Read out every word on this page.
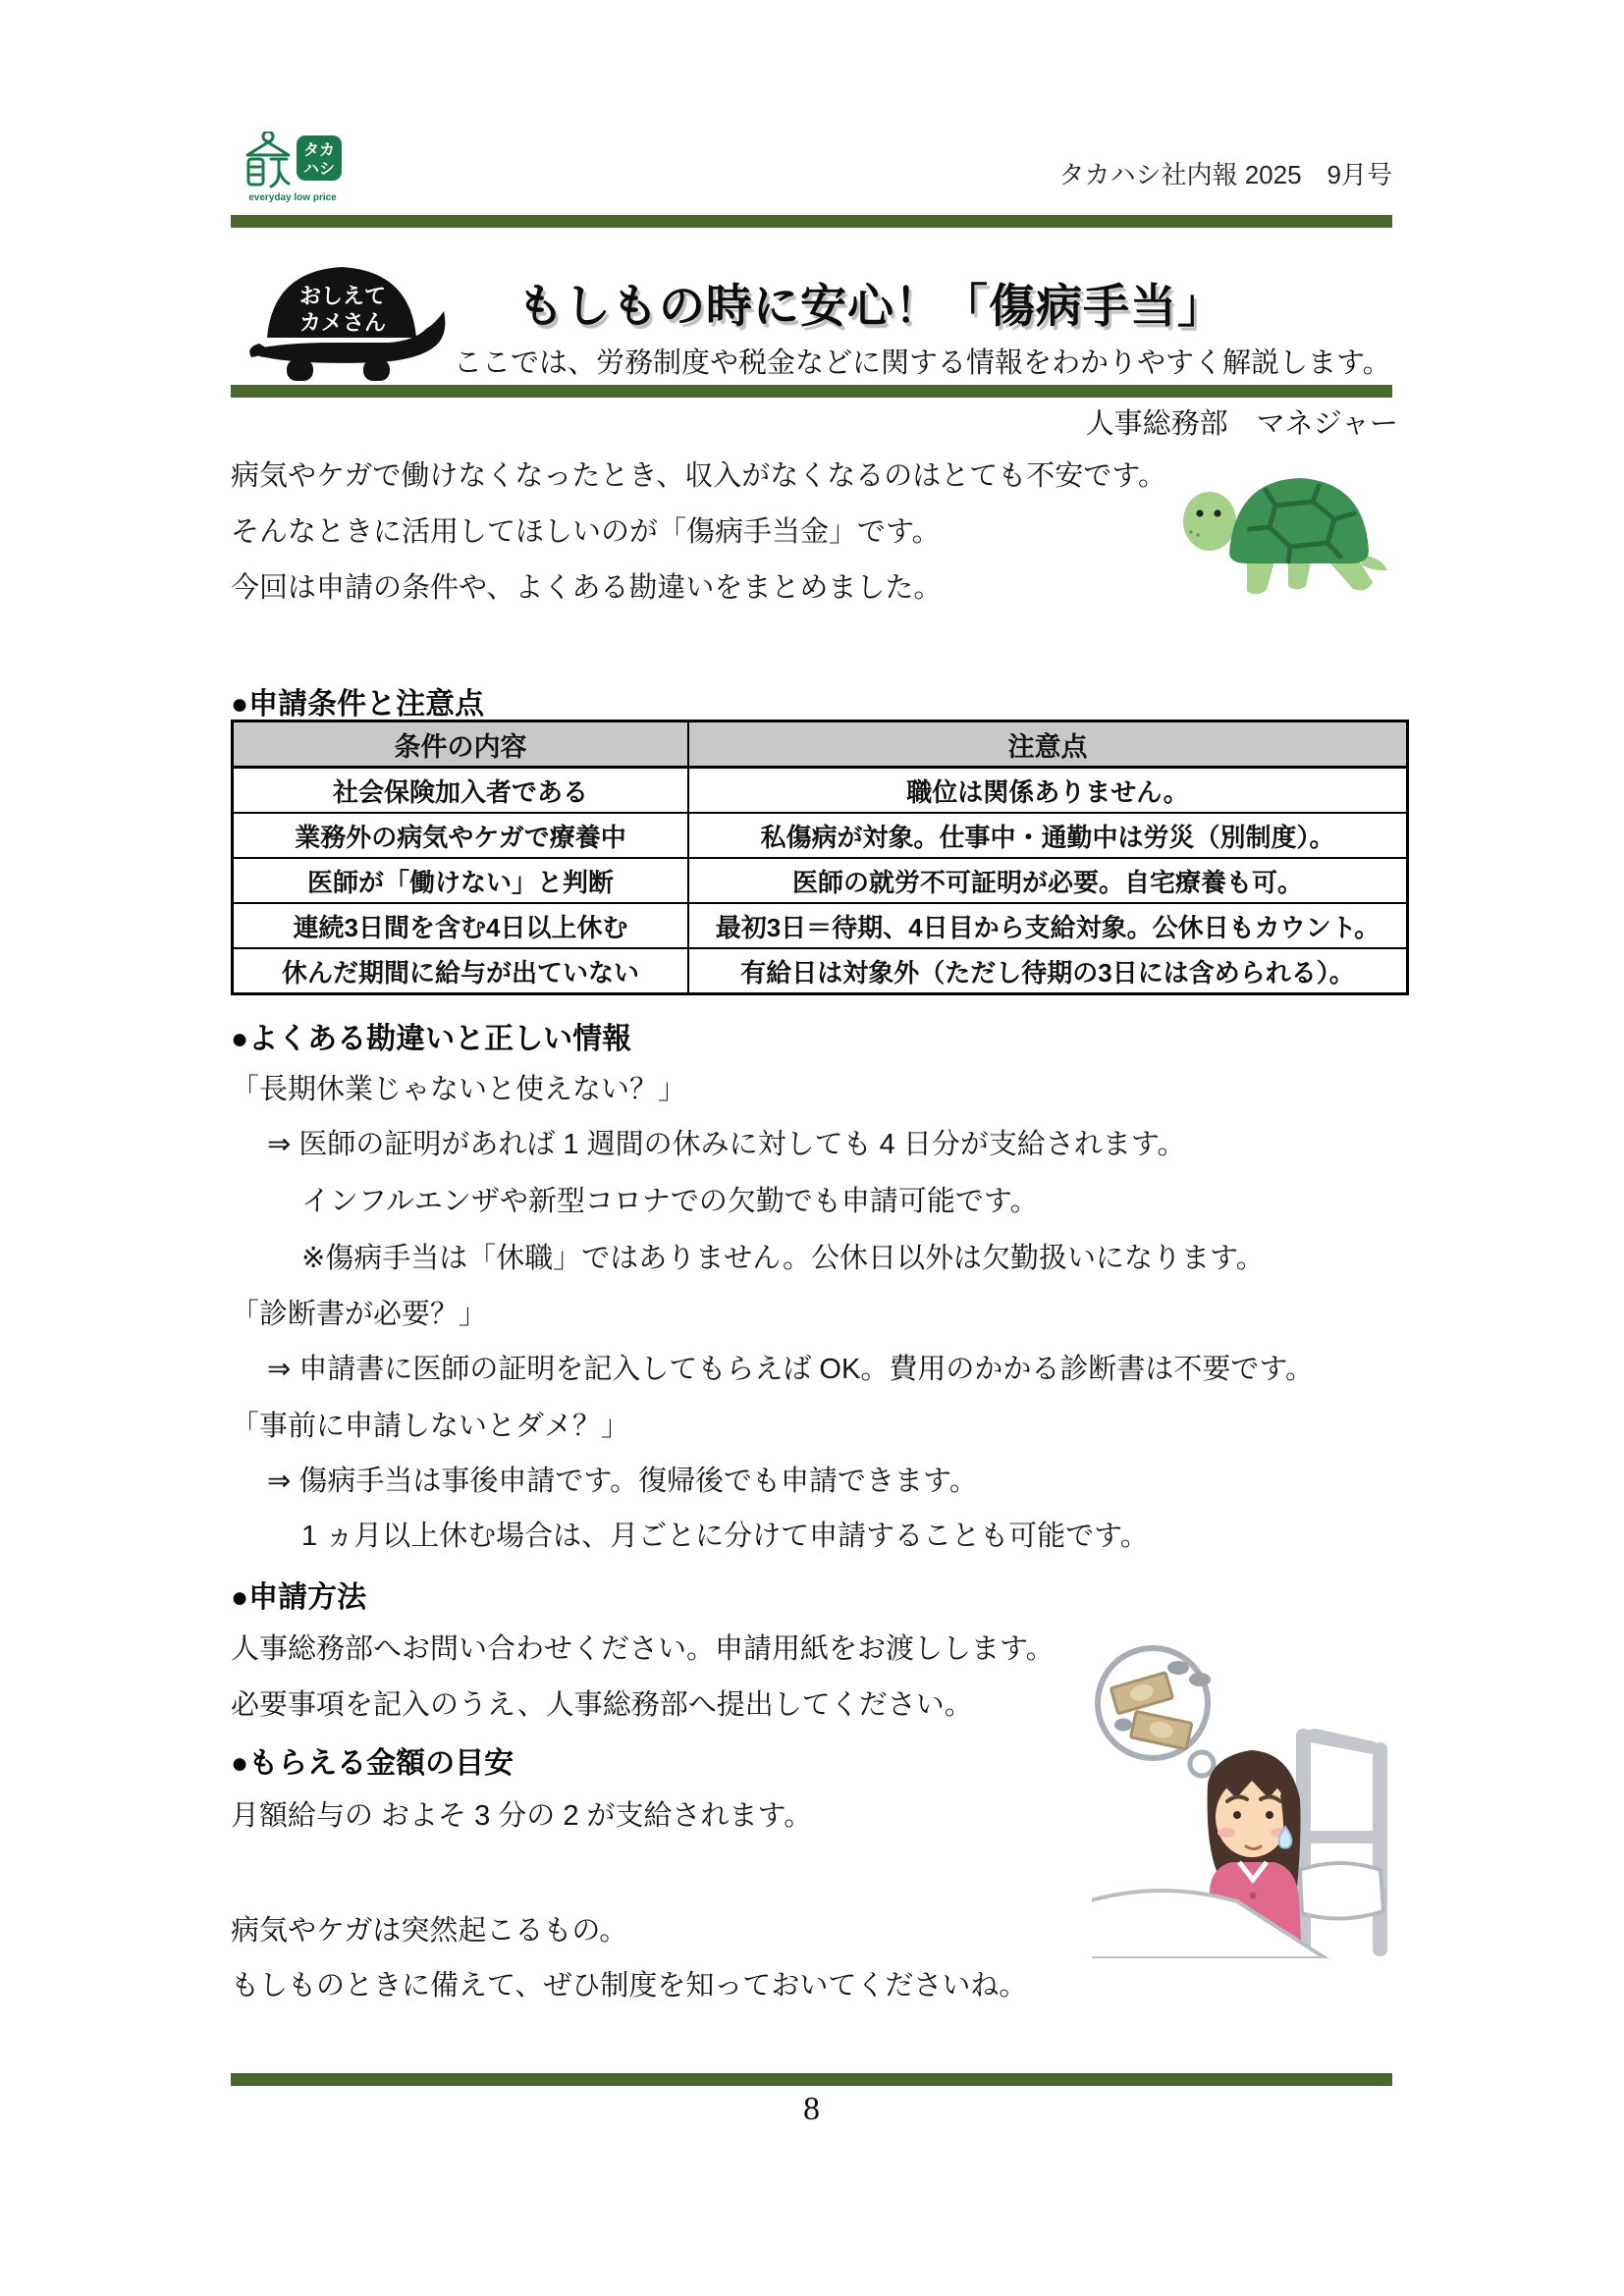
タカ
ハシ
everyday low price
タカハシ社内報 2025　9月号
おしえて
カメさん	もしもの時に安心！「傷病手当」
ここでは、労務制度や税金などに関する情報をわかりやすく解説します。
人事総務部　マネジャー
病気やケガで働けなくなったとき、収入がなくなるのはとても不安です。
そんなときに活用してほしいのが「傷病手当金」です。
今回は申請の条件や、よくある勘違いをまとめました。
●申請条件と注意点
条件の内容	注意点
社会保険加入者である	職位は関係ありません。
業務外の病気やケガで療養中	私傷病が対象。仕事中・通勤中は労災（別制度）。
医師が「働けない」と判断	医師の就労不可証明が必要。自宅療養も可。
連続3日間を含む4日以上休む	最初3日＝待期、4日目から支給対象。公休日もカウント。
休んだ期間に給与が出ていない	有給日は対象外（ただし待期の3日には含められる）。
●よくある勘違いと正しい情報
「長期休業じゃないと使えない？」
⇒ 医師の証明があれば 1 週間の休みに対しても 4 日分が支給されます。
インフルエンザや新型コロナでの欠勤でも申請可能です。
※傷病手当は「休職」ではありません。公休日以外は欠勤扱いになります。
「診断書が必要？」
⇒ 申請書に医師の証明を記入してもらえば OK。費用のかかる診断書は不要です。
「事前に申請しないとダメ？」
⇒ 傷病手当は事後申請です。復帰後でも申請できます。
1 ヵ月以上休む場合は、月ごとに分けて申請することも可能です。
●申請方法
人事総務部へお問い合わせください。申請用紙をお渡しします。
必要事項を記入のうえ、人事総務部へ提出してください。
●もらえる金額の目安
月額給与の およそ 3 分の 2 が支給されます。
病気やケガは突然起こるもの。
もしものときに備えて、ぜひ制度を知っておいてくださいね。
8
